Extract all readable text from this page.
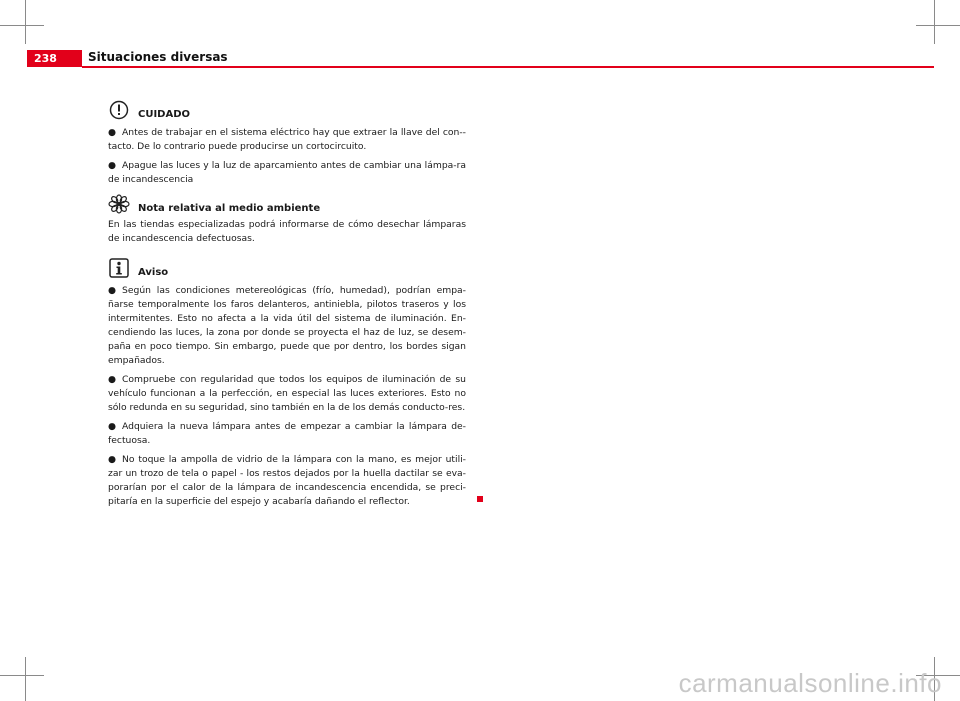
238	Situaciones diversas
CUIDADO

● Antes de trabajar en el sistema eléctrico hay que extraer la llave del con-tacto. De lo contrario puede producirse un cortocircuito.

● Apague las luces y la luz de aparcamiento antes de cambiar una lámpa-ra de incandescencia

Nota relativa al medio ambiente

En las tiendas especializadas podrá informarse de cómo desechar lámparas de incandescencia defectuosas.

Aviso

● Según las condiciones metereológicas (frío, humedad), podrían empa-ñarse temporalmente los faros delanteros, antiniebla, pilotos traseros y los intermitentes. Esto no afecta a la vida útil del sistema de iluminación. En-cendiendo las luces, la zona por donde se proyecta el haz de luz, se desem-paña en poco tiempo. Sin embargo, puede que por dentro, los bordes sigan empañados.

● Compruebe con regularidad que todos los equipos de iluminación de su vehículo funcionan a la perfección, en especial las luces exteriores. Esto no sólo redunda en su seguridad, sino también en la de los demás conducto-res.

● Adquiera la nueva lámpara antes de empezar a cambiar la lámpara de-fectuosa.

● No toque la ampolla de vidrio de la lámpara con la mano, es mejor utili-zar un trozo de tela o papel - los restos dejados por la huella dactilar se eva-porarían por el calor de la lámpara de incandescencia encendida, se preci-pitaría en la superficie del espejo y acabaría dañando el reflector.

carmanualsonline.info
